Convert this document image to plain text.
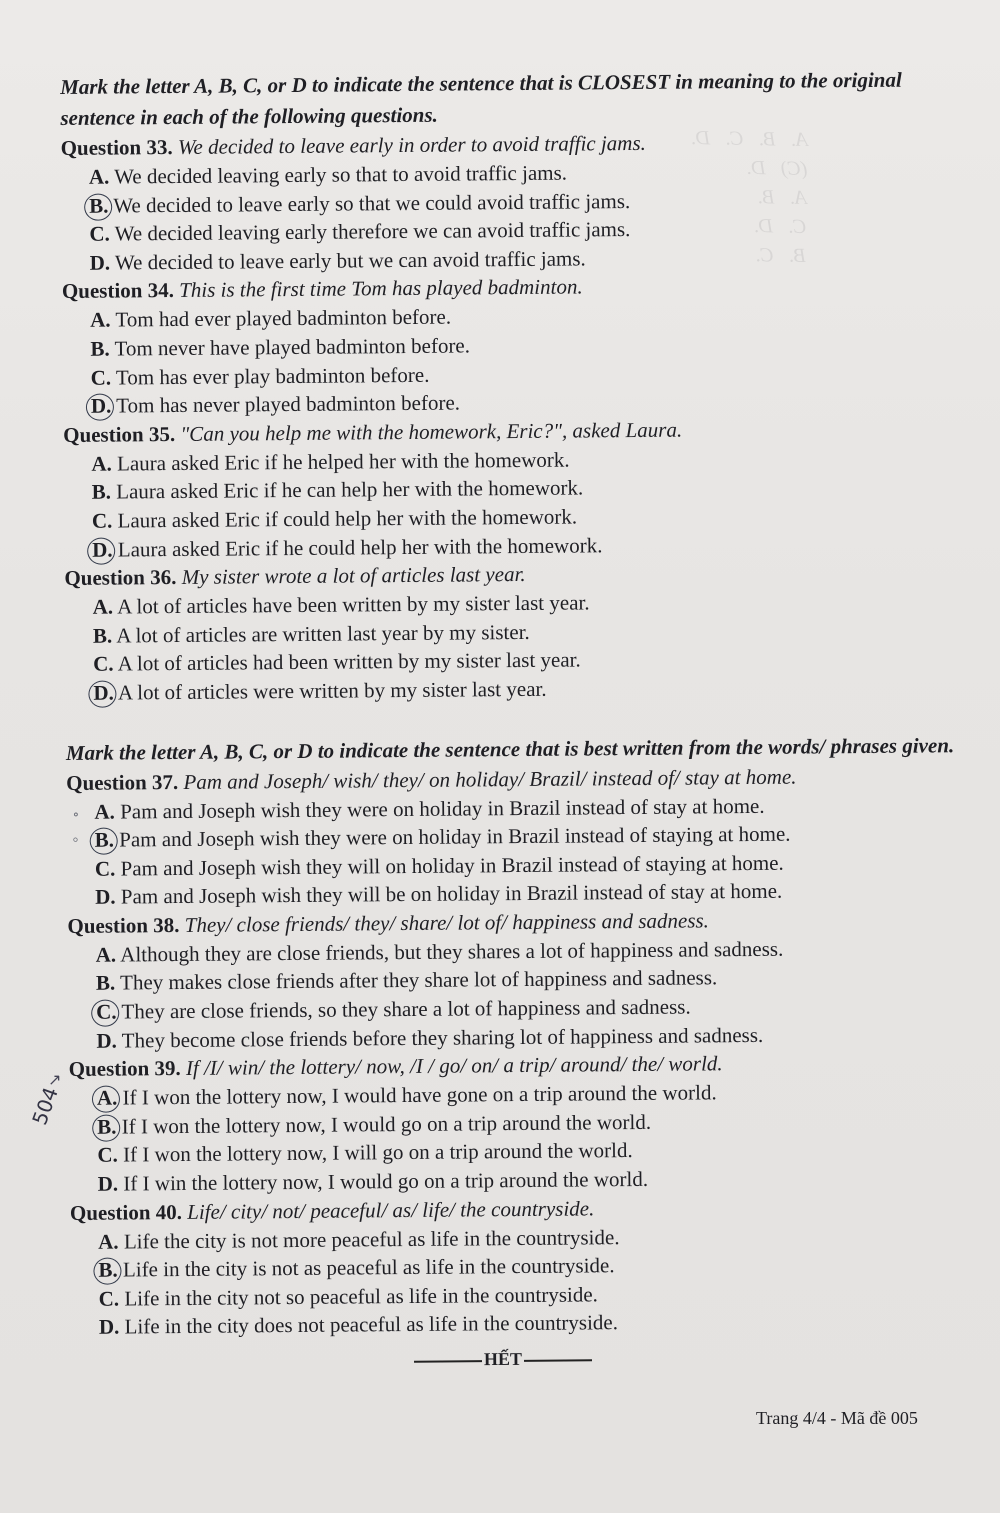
A.   B.   C.   D.
(C)   D.
A.   B.
C.   D.
B.   C.

Mark the letter A, B, C, or D to indicate the sentence that is CLOSEST in meaning to the original sentence in each of the following questions.
Question 33. We decided to leave early in order to avoid traffic jams.
A. We decided leaving early so that to avoid traffic jams.
B. We decided to leave early so that we could avoid traffic jams.
C. We decided leaving early therefore we can avoid traffic jams.
D. We decided to leave early but we can avoid traffic jams.
Question 34. This is the first time Tom has played badminton.
A. Tom had ever played badminton before.
B. Tom never have played badminton before.
C. Tom has ever play badminton before.
D. Tom has never played badminton before.
Question 35. "Can you help me with the homework, Eric?", asked Laura.
A. Laura asked Eric if he helped her with the homework.
B. Laura asked Eric if he can help her with the homework.
C. Laura asked Eric if could help her with the homework.
D. Laura asked Eric if he could help her with the homework.
Question 36. My sister wrote a lot of articles last year.
A. A lot of articles have been written by my sister last year.
B. A lot of articles are written last year by my sister.
C. A lot of articles had been written by my sister last year.
D. A lot of articles were written by my sister last year.
Mark the letter A, B, C, or D to indicate the sentence that is best written from the words/ phrases given.
Question 37. Pam and Joseph/ wish/ they/ on holiday/ Brazil/ instead of/ stay at home.
∘ A. Pam and Joseph wish they were on holiday in Brazil instead of stay at home.
° B. Pam and Joseph wish they were on holiday in Brazil instead of staying at home.
C. Pam and Joseph wish they will on holiday in Brazil instead of staying at home.
D. Pam and Joseph wish they will be on holiday in Brazil instead of stay at home.
Question 38. They/ close friends/ they/ share/ lot of/ happiness and sadness.
A. Although they are close friends, but they shares a lot of happiness and sadness.
B. They makes close friends after they share lot of happiness and sadness.
C. They are close friends, so they share a lot of happiness and sadness.
D. They become close friends before they sharing lot of happiness and sadness.
Question 39. If /I/ win/ the lottery/ now, /I / go/ on/ a trip/ around/ the/ world.
A. If I won the lottery now, I would have gone on a trip around the world.
B. If I won the lottery now, I would go on a trip around the world.
C. If I won the lottery now, I will go on a trip around the world.
D. If I win the lottery now, I would go on a trip around the world.
Question 40. Life/ city/ not/ peaceful/ as/ life/ the countryside.
A. Life the city is not more peaceful as life in the countryside.
B. Life in the city is not as peaceful as life in the countryside.
C. Life in the city not so peaceful as life in the countryside.
D. Life in the city does not peaceful as life in the countryside.
↗
504
HẾT
Trang 4/4 - Mã đề 005
